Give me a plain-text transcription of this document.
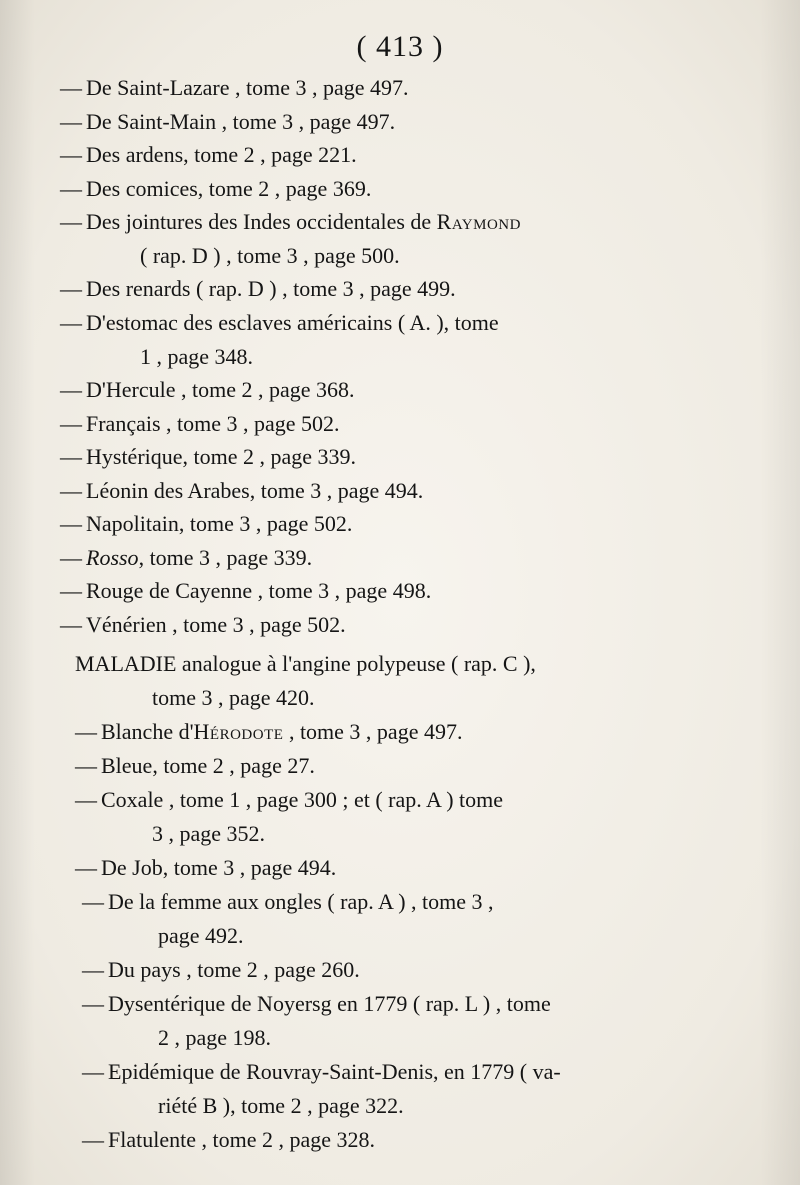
( 413 )
— De Saint-Lazare , tome 3 , page 497.
— De Saint-Main , tome 3 , page 497.
— Des ardens, tome 2 , page 221.
— Des comices, tome 2 , page 369.
— Des jointures des Indes occidentales de Raymond
( rap. D ) , tome 3 , page 500.
— Des renards ( rap. D ) , tome 3 , page 499.
— D'estomac des esclaves américains ( A. ), tome
1 , page 348.
— D'Hercule , tome 2 , page 368.
— Français , tome 3 , page 502.
— Hystérique, tome 2 , page 339.
— Léonin des Arabes, tome 3 , page 494.
— Napolitain, tome 3 , page 502.
— Rosso, tome 3 , page 339.
— Rouge de Cayenne , tome 3 , page 498.
— Vénérien , tome 3 , page 502.
MALADIE analogue à l'angine polypeuse ( rap. C ),
tome 3 , page 420.
— Blanche d'Hérodote , tome 3 , page 497.
— Bleue, tome 2 , page 27.
— Coxale , tome 1 , page 300 ; et ( rap. A ) tome
3 , page 352.
— De Job, tome 3 , page 494.
— De la femme aux ongles ( rap. A ) , tome 3 ,
page 492.
— Du pays , tome 2 , page 260.
— Dysentérique de Noyersg en 1779 ( rap. L ) , tome
2 , page 198.
— Epidémique de Rouvray-Saint-Denis, en 1779 ( va-
riété B ), tome 2 , page 322.
— Flatulente , tome 2 , page 328.
